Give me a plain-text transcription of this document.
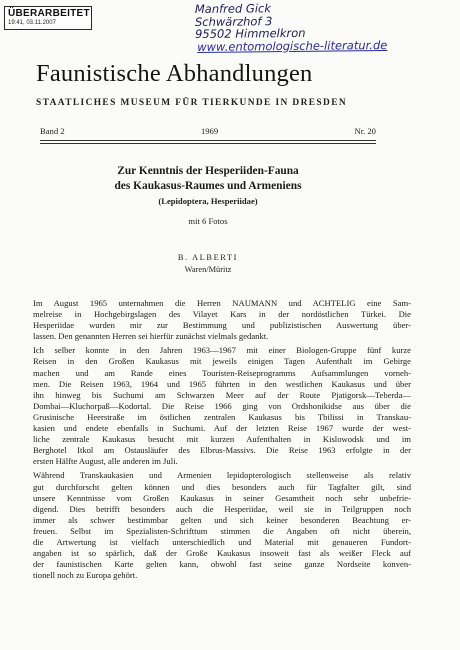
ÜBERARBEITET
19:41, 03.11.2007
Manfred Gick
Schwärzhof 3
95502 Himmelkron
www.entomologische-literatur.de
Faunistische Abhandlungen
STAATLICHES MUSEUM FÜR TIERKUNDE IN DRESDEN
Band 2	1969	Nr. 20
Zur Kenntnis der Hesperiiden-Fauna
des Kaukasus-Raumes und Armeniens
(Lepidoptera, Hesperiidae)
mit 6 Fotos
B. ALBERTI
Waren/Müritz
Im August 1965 unternahmen die Herren NAUMANN und ACHTELIG eine Sam-
melreise in Hochgebirgslagen des Vilayet Kars in der nordöstlichen Türkei. Die
Hesperiidae wurden mir zur Bestimmung und publizistischen Auswertung über-
lassen. Den genannten Herren sei hierfür zunächst vielmals gedankt.
Ich selber konnte in den Jahren 1963—1967 mit einer Biologen-Gruppe fünf kurze
Reisen in den Großen Kaukasus mit jeweils einigen Tagen Aufenthalt im Gebirge
machen und am Rande eines Touristen-Reiseprogramms Aufsammlungen vorneh-
men. Die Reisen 1963, 1964 und 1965 führten in den westlichen Kaukasus und über
ihn hinweg bis Suchumi am Schwarzen Meer auf der Route Pjatigorsk—Teberda—
Dombai—Kluchorpaß—Kodortal. Die Reise 1966 ging von Ordshonikidse aus über die
Grusinische Heerstraße im östlichen zentralen Kaukasus bis Tbilissi in Transkau-
kasien und endete ebenfalls in Suchumi. Auf der letzten Reise 1967 wurde der west-
liche zentrale Kaukasus besucht mit kurzen Aufenthalten in Kislowodsk und im
Berghotel Itkol am Ostausläufer des Elbrus-Massivs. Die Reise 1963 erfolgte in der
ersten Hälfte August, alle anderen im Juli.
Während Transkaukasien und Armenien lepidopterologisch stellenweise als relativ
gut durchforscht gelten können und dies besonders auch für Tagfalter gilt, sind
unsere Kenntnisse vom Großen Kaukasus in seiner Gesamtheit noch sehr unbefrie-
digend. Dies betrifft besonders auch die Hesperiidae, weil sie in Teilgruppen noch
immer als schwer bestimmbar gelten und sich keiner besonderen Beachtung er-
freuen. Selbst im Spezialisten-Schrifttum stimmen die Angaben oft nicht überein,
die Artwertung ist vielfach unterschiedlich und Material mit genaueren Fundort-
angaben ist so spärlich, daß der Große Kaukasus insoweit fast als weißer Fleck auf
der faunistischen Karte gelten kann, obwohl fast seine ganze Nordseite konven-
tionell noch zu Europa gehört.
